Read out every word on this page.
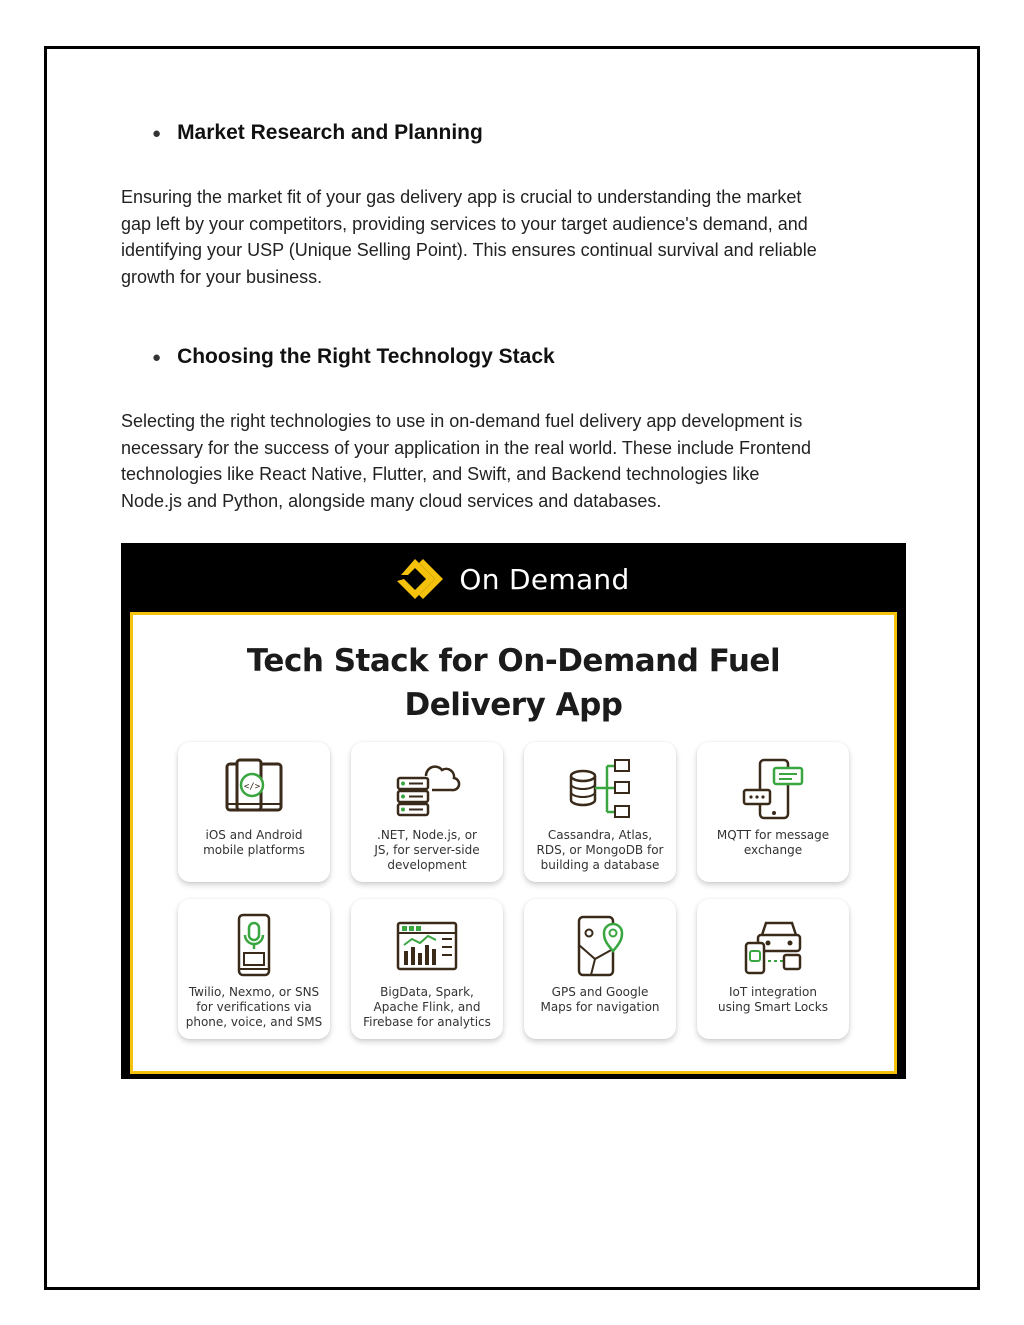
● Market Research and Planning
Ensuring the market fit of your gas delivery app is crucial to understanding the market
gap left by your competitors, providing services to your target audience's demand, and
identifying your USP (Unique Selling Point). This ensures continual survival and reliable
growth for your business.
● Choosing the Right Technology Stack
Selecting the right technologies to use in on-demand fuel delivery app development is
necessary for the success of your application in the real world. These include Frontend
technologies like React Native, Flutter, and Swift, and Backend technologies like
Node.js and Python, alongside many cloud services and databases.
On Demand
Tech Stack for On-Demand Fuel
Delivery App
</>
iOS and Android
mobile platforms
.NET, Node.js, or
JS, for server-side
development
Cassandra, Atlas,
RDS, or MongoDB for
building a database
MQTT for message
exchange
Twilio, Nexmo, or SNS
for verifications via
phone, voice, and SMS
BigData, Spark,
Apache Flink, and
Firebase for analytics
GPS and Google
Maps for navigation
IoT integration
using Smart Locks
